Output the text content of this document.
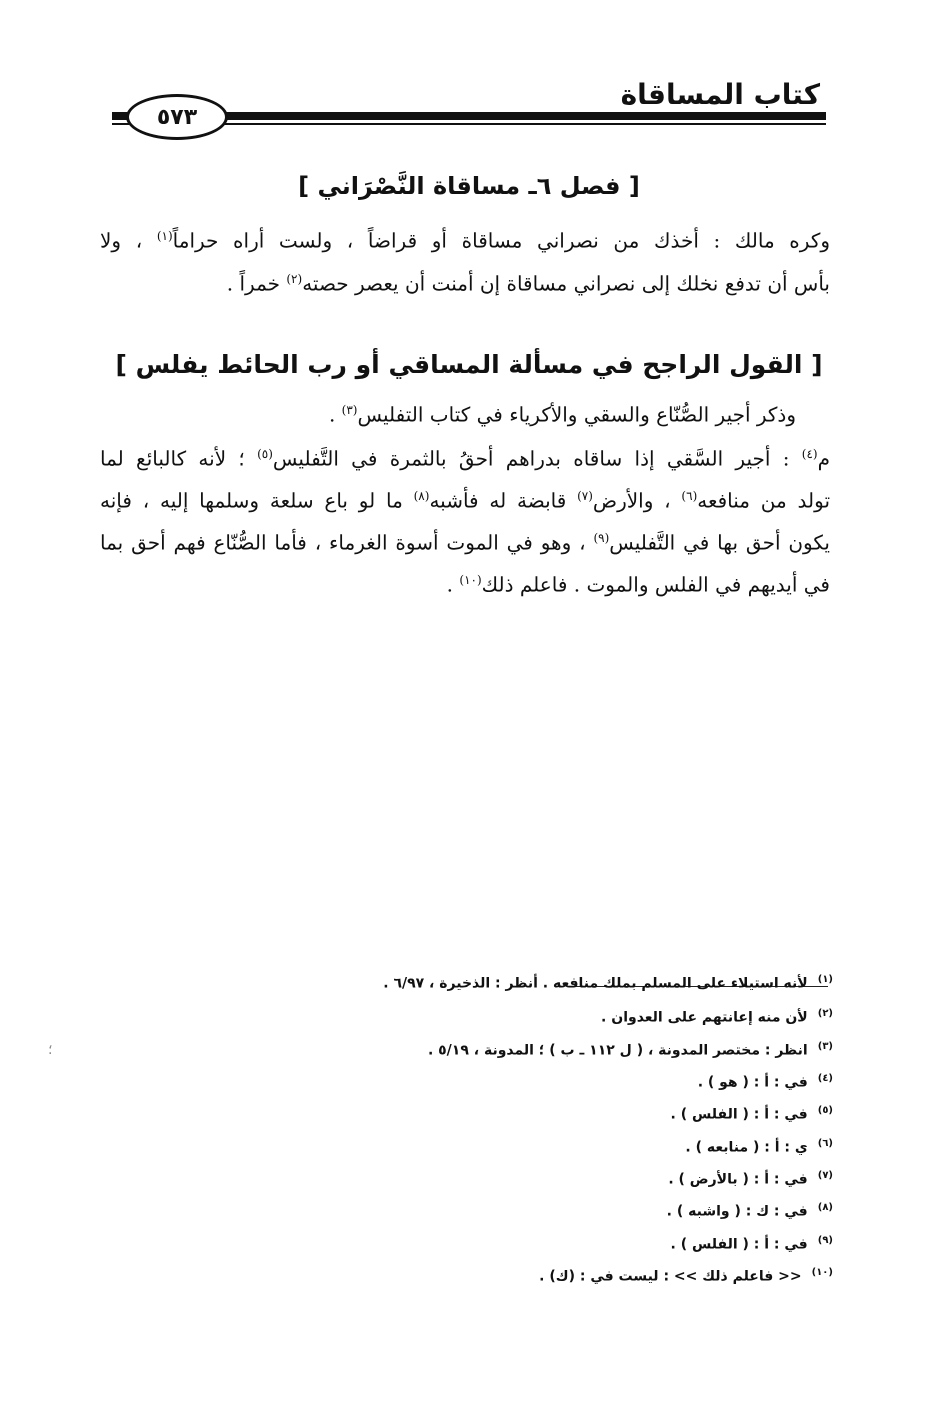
كتاب المساقاة
٥٧٣
[ فصل ٦ـ مساقاة النَّصْرَاني ]
وكره مالك : أخذك من نصراني مساقاة أو قراضاً ، ولست أراه حراماً$^{(١)}$ ، ولا
بأس أن تدفع نخلك إلى نصراني مساقاة إن أمنت أن يعصر حصته$^{(٢)}$ خمراً .
[ القول الراجح في مسألة المساقي أو رب الحائط يفلس ]
وذكر أجير الصُّنّاع والسقي والأكرياء في كتاب التفليس$^{(٣)}$ .
م$^{(٤)}$ : أجير السَّقي إذا ساقاه بدراهم أحقُ بالثمرة في التَّفليس$^{(٥)}$ ؛ لأنه كالبائع لما
تولد من منافعه$^{(٦)}$ ، والأرض$^{(٧)}$ قابضة له فأشبه$^{(٨)}$ ما لو باع سلعة وسلمها إليه ، فإنه
يكون أحق بها في التَّفليس$^{(٩)}$ ، وهو في الموت أسوة الغرماء ، فأما الصُّنّاع فهم أحق بما
في أيديهم في الفلس والموت . فاعلم ذلك$^{(١٠)}$ .
$^{(١)}$لأنه استيلاء على المسلم بملك منافعه . أنظر : الذخيرة ، ٦/٩٧ .
$^{(٢)}$لأن منه إعانتهم على العدوان .
$^{(٣)}$انظر : مختصر المدونة ، ( ل ١١٢ ـ ب ) ؛ المدونة ، ٥/١٩ .
$^{(٤)}$في : أ : ( هو ) .
$^{(٥)}$في : أ : ( الفلس ) .
$^{(٦)}$ي : أ : ( منابعه ) .
$^{(٧)}$في : أ : ( بالأرض ) .
$^{(٨)}$في : ك : ( واشبه ) .
$^{(٩)}$في : أ : ( الفلس ) .
$^{(١٠)}$<< فاعلم ذلك >> : ليست في : (ك) .
؛
